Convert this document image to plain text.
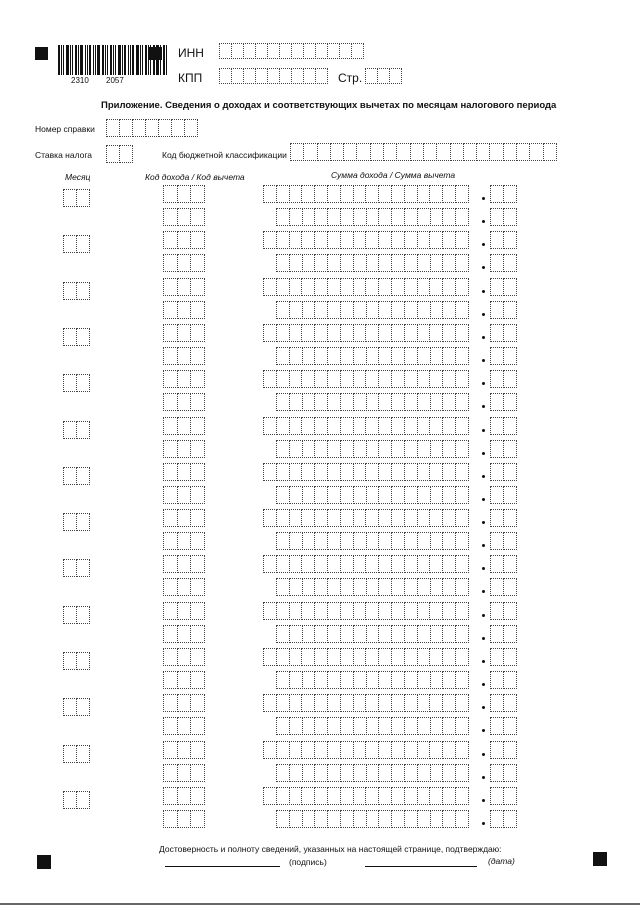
2310 2057
ИНН
КПП	Стр.
Приложение. Сведения о доходах и соответствующих вычетах по месяцам налогового периода
Номер справки
Ставка налога	Код бюджетной классификации
Месяц	Код дохода / Код вычета	Сумма дохода / Сумма вычета
Достоверность и полноту сведений, указанных на настоящей странице, подтверждаю:
(подпись)	(дата)
